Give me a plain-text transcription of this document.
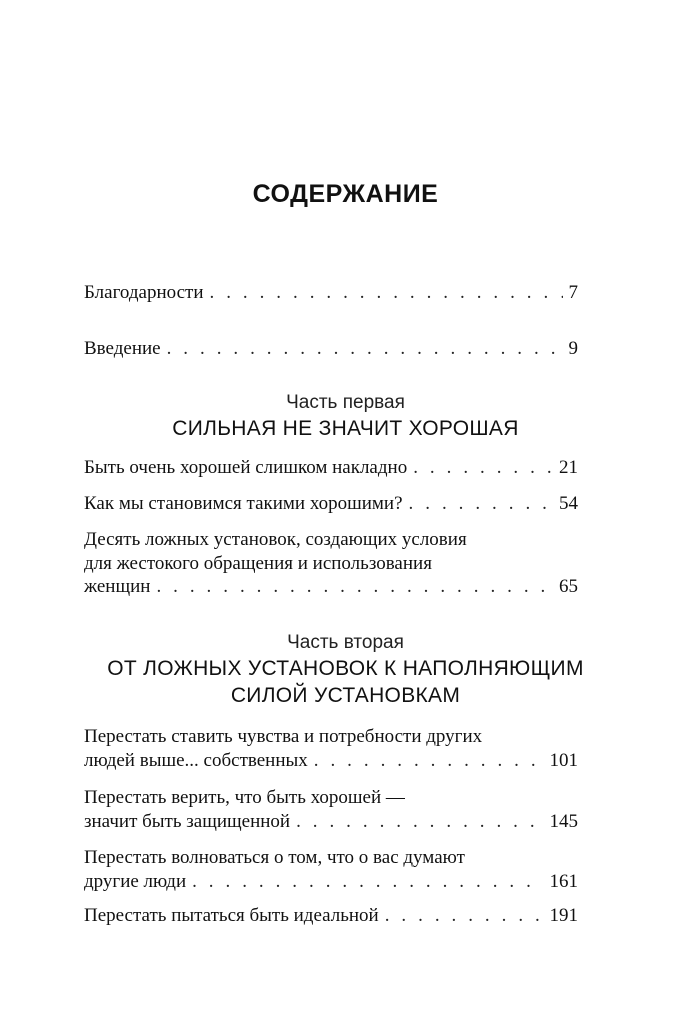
СОДЕРЖАНИЕ
Благодарности . . .	7
Введение . . .	9
Быть очень хорошей слишком накладно . . .	21
Как мы становимся такими хорошими? . . .	54
Десять ложных установок, создающих условия
для жестокого обращения и использования
женщин . . .	65
Перестать ставить чувства и потребности других
людей выше... собственных . . .	101
Перестать верить, что быть хорошей —
значит быть защищенной . . .	145
Перестать волноваться о том, что о вас думают
другие люди . . .	161
Перестать пытаться быть идеальной . . .	191
Часть первая
СИЛЬНАЯ НЕ ЗНАЧИТ ХОРОШАЯ
Часть вторая
ОТ ЛОЖНЫХ УСТАНОВОК К НАПОЛНЯЮЩИМ
СИЛОЙ УСТАНОВКАМ
